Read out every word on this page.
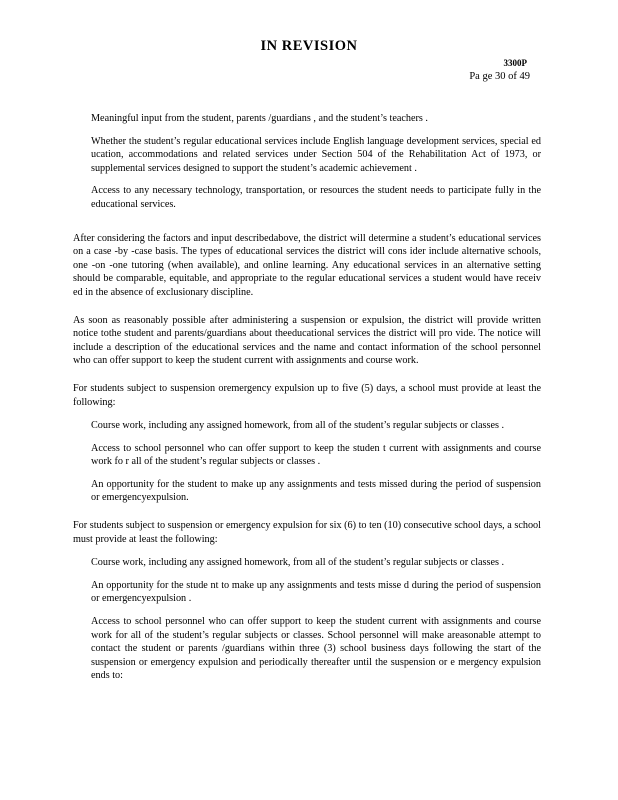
IN REVISION
3300P
Pa ge 30 of 49
Meaningful input from the student, parents /guardians , and the student’s teachers .
Whether the student’s regular educational services include English language development services, special ed ucation, accommodations and related services under Section 504 of the Rehabilitation Act of 1973, or supplemental services designed to support the student’s academic achievement .
Access to any necessary technology, transportation, or resources the student needs to participate fully in the educational services.

After considering the factors and input describedabove, the district will determine a student’s educational services on a case -by -case basis. The types of educational services the district will cons ider include alternative schools, one -on -one tutoring (when available), and online learning. Any educational services in an alternative setting should be comparable, equitable, and appropriate to the regular educational services a student would have receiv ed in the absence of exclusionary discipline.

As soon as reasonably possible after administering a suspension or expulsion, the district will provide written notice tothe student and parents/guardians about theeducational services the district will pro vide. The notice will include a description of the educational services and the name and contact information of the school personnel who can offer support to keep the student current with assignments and course work.

For students subject to suspension oremergency expulsion up to five (5) days, a school must provide at least the following:

Course work, including any assigned homework, from all of the student’s regular subjects or classes .
Access to school personnel who can offer support to keep the studen t current with assignments and course work fo r all of the student’s regular subjects or classes .
An opportunity for the student to make up any assignments and tests missed during the period of suspension or emergencyexpulsion.

For students subject to suspension or emergency expulsion for six (6) to ten (10) consecutive school days, a school must provide at least the following:

Course work, including any assigned homework, from all of the student’s regular subjects or classes .
An opportunity for the stude nt to make up any assignments and tests misse d during the period of suspension or emergencyexpulsion .
Access to school personnel who can offer support to keep the student current with assignments and course work for all of the student’s regular subjects or classes. School personnel will make areasonable attempt to contact the student or parents /guardians within three (3) school business days following the start of the suspension or emergency expulsion and periodically thereafter until the suspension or e mergency expulsion ends to:
